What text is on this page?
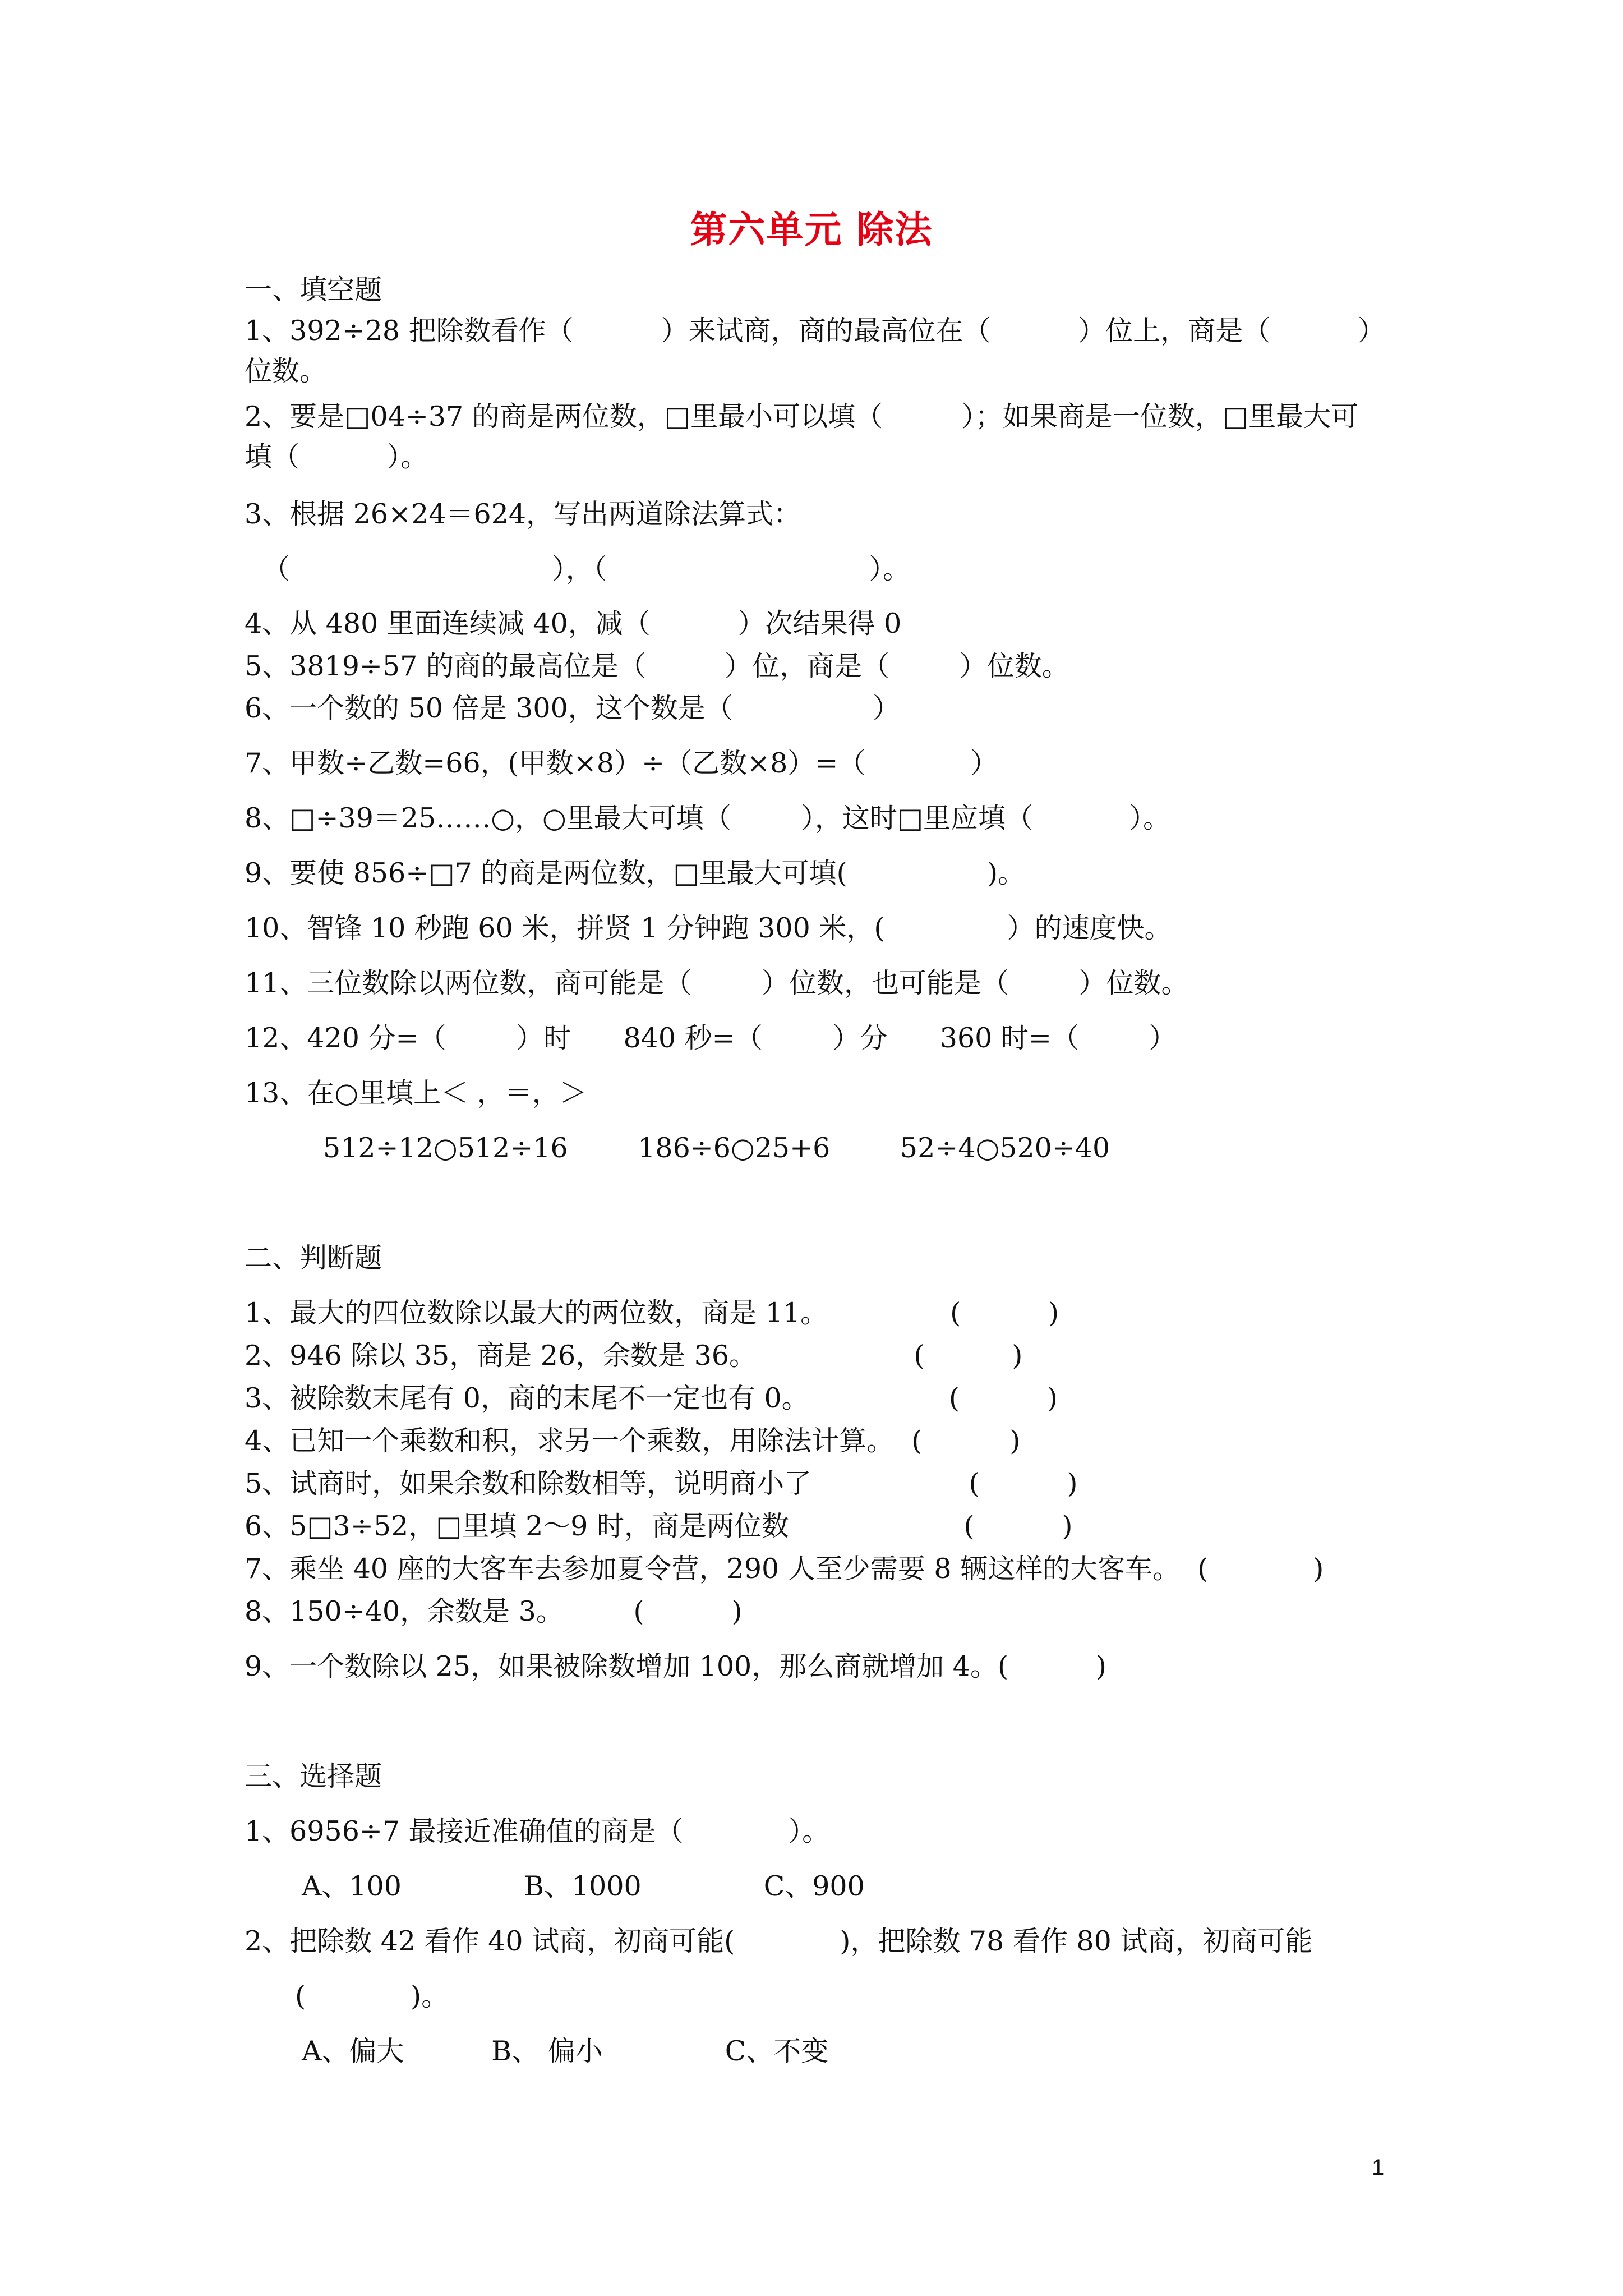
第六单元 除法
一、填空题
1、392÷28 把除数看作（          ）来试商，商的最高位在（          ）位上，商是（          ）
位数。
2、要是□04÷37 的商是两位数，□里最小可以填（         ）；如果商是一位数，□里最大可
填（          ）。
3、根据 26×24＝624，写出两道除法算式：
（                              ），（                              ）。
4、从 480 里面连续减 40，减（          ）次结果得 0
5、3819÷57 的商的最高位是（         ）位，商是（        ）位数。
6、一个数的 50 倍是 300，这个数是（                ）
7、甲数÷乙数=66，(甲数×8）÷（乙数×8）=（            ）
8、□÷39＝25……○，○里最大可填（        ），这时□里应填（           ）。
9、要使 856÷□7 的商是两位数，□里最大可填(                )。
10、智锋 10 秒跑 60 米，拼贤 1 分钟跑 300 米，(              ）的速度快。
11、三位数除以两位数，商可能是（        ）位数，也可能是（        ）位数。
12、420 分=（        ）时      840 秒=（        ）分      360 时=（        ）
13、在○里填上＜ ，＝，＞
512÷12○512÷16        186÷6○25+6        52÷4○520÷40
二、判断题
1、最大的四位数除以最大的两位数，商是 11。              (          )
2、946 除以 35，商是 26，余数是 36。                  (          )
3、被除数末尾有 0，商的末尾不一定也有 0。                (          )
4、已知一个乘数和积，求另一个乘数，用除法计算。  (          )
5、试商时，如果余数和除数相等，说明商小了                  (          )
6、5□3÷52，□里填 2～9 时，商是两位数                    (          )
7、乘坐 40 座的大客车去参加夏令营，290 人至少需要 8 辆这样的大客车。  (            )
8、150÷40，余数是 3。        (          )
9、一个数除以 25，如果被除数增加 100，那么商就增加 4。(          )
三、选择题
1、6956÷7 最接近准确值的商是（            ）。
A、100              B、1000              C、900
2、把除数 42 看作 40 试商，初商可能(            )，把除数 78 看作 80 试商，初商可能
(            )。
A、偏大          B、 偏小              C、不变
1
